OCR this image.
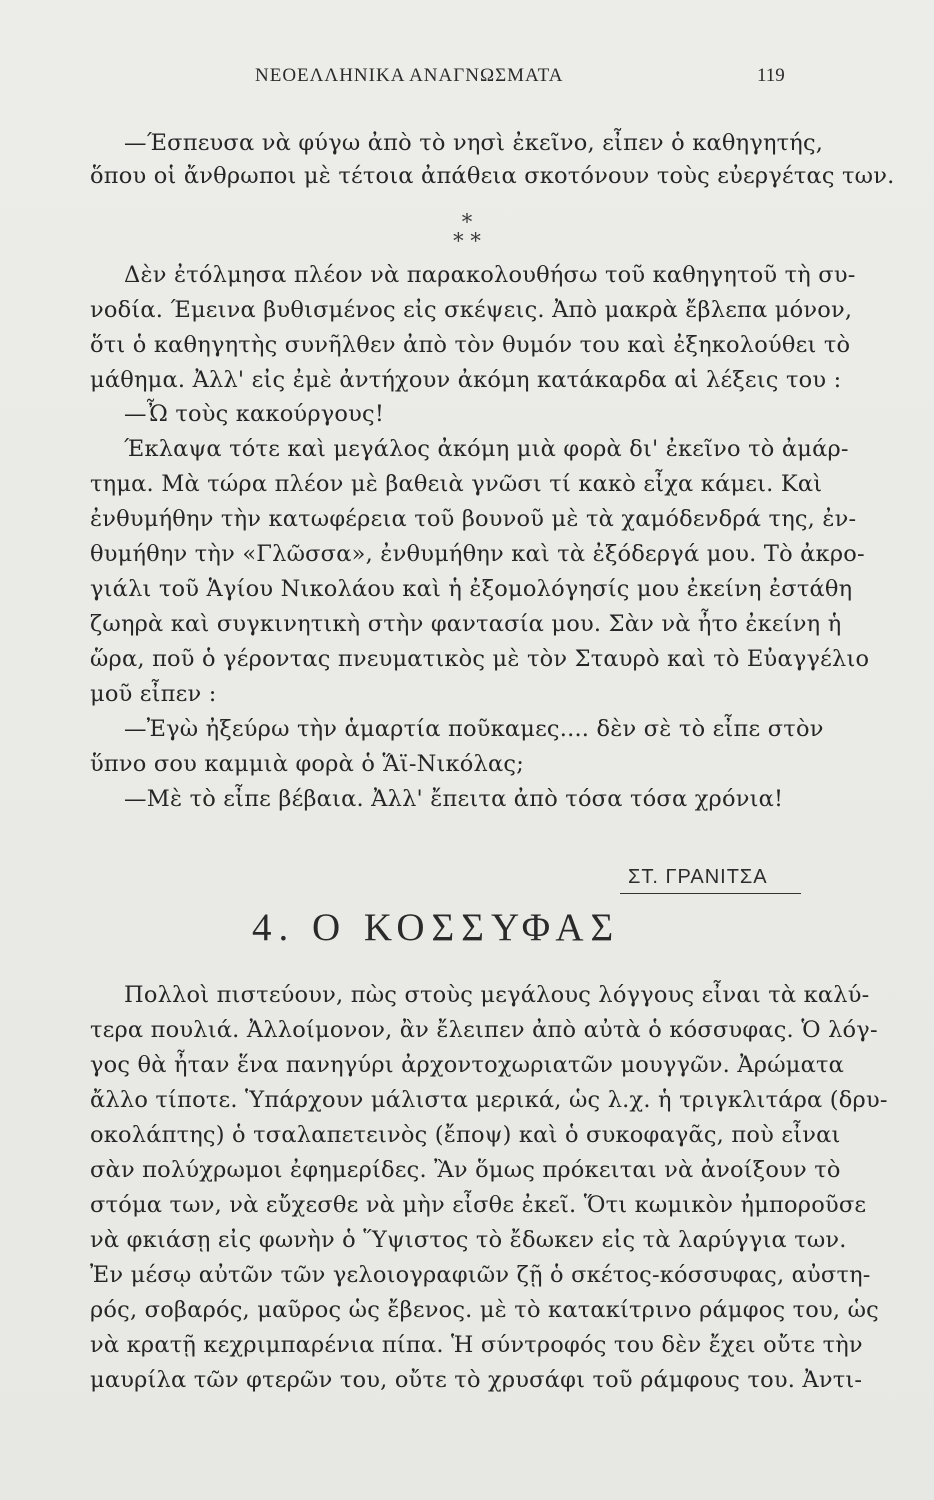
ΝΕΟΕΛΛΗΝΙΚΑ ΑΝΑΓΝΩΣΜΑΤΑ	119
—Έσπευσα νὰ φύγω ἀπὸ τὸ νησὶ ἐκεῖνο, εἶπεν ὁ καθηγητής,
ὅπου οἱ ἄνθρωποι μὲ τέτοια ἀπάθεια σκοτόνουν τοὺς εὐεργέτας των.
*
* *
Δὲν ἐτόλμησα πλέον νὰ παρακολουθήσω τοῦ καθηγητοῦ τὴ συ-
νοδία. Έμεινα βυθισμένος εἰς σκέψεις. Ἀπὸ μακρὰ ἔβλεπα μόνον,
ὅτι ὁ καθηγητὴς συνῆλθεν ἀπὸ τὸν θυμόν του καὶ ἐξηκολούθει τὸ
μάθημα. Ἀλλ' εἰς ἐμὲ ἀντήχουν ἀκόμη κατάκαρδα αἱ λέξεις του :
—Ὦ τοὺς κακούργους!
Έκλαψα τότε καὶ μεγάλος ἀκόμη μιὰ φορὰ δι' ἐκεῖνο τὸ ἀμάρ-
τημα. Μὰ τώρα πλέον μὲ βαθειὰ γνῶσι τί κακὸ εἶχα κάμει. Καὶ
ἐνθυμήθην τὴν κατωφέρεια τοῦ βουνοῦ μὲ τὰ χαμόδενδρά της, ἐν-
θυμήθην τὴν «Γλῶσσα», ἐνθυμήθην καὶ τὰ ἐξόδεργά μου. Τὸ ἀκρο-
γιάλι τοῦ Ἁγίου Νικολάου καὶ ἡ ἐξομολόγησίς μου ἐκείνη ἐστάθη
ζωηρὰ καὶ συγκινητικὴ στὴν φαντασία μου. Σὰν νὰ ἦτο ἐκείνη ἡ
ὥρα, ποῦ ὁ γέροντας πνευματικὸς μὲ τὸν Σταυρὸ καὶ τὸ Εὐαγγέλιο
μοῦ εἶπεν :
—Ἐγὼ ἠξεύρω τὴν ἁμαρτία ποῦκαμες.... δὲν σὲ τὸ εἶπε στὸν
ὕπνο σου καμμιὰ φορὰ ὁ Ἅϊ-Νικόλας;
—Μὲ τὸ εἶπε βέβαια. Ἀλλ' ἔπειτα ἀπὸ τόσα τόσα χρόνια!
ΣΤ. ΓΡΑΝΙΤΣΑ
4. Ο ΚΟΣΣΥΦΑΣ
Πολλοὶ πιστεύουν, πὼς στοὺς μεγάλους λόγγους εἶναι τὰ καλύ-
τερα πουλιά. Ἀλλοίμονον, ἂν ἔλειπεν ἀπὸ αὐτὰ ὁ κόσσυφας. Ὁ λόγ-
γος θὰ ἦταν ἕνα πανηγύρι ἀρχοντοχωριατῶν μουγγῶν. Ἀρώματα
ἄλλο τίποτε. Ὑπάρχουν μάλιστα μερικά, ὡς λ.χ. ἡ τριγκλιτάρα (δρυ-
οκολάπτης) ὁ τσαλαπετεινὸς (ἔποψ) καὶ ὁ συκοφαγᾶς, ποὺ εἶναι
σὰν πολύχρωμοι ἐφημερίδες. Ἂν ὅμως πρόκειται νὰ ἀνοίξουν τὸ
στόμα των, νὰ εὔχεσθε νὰ μὴν εἶσθε ἐκεῖ. Ὅτι κωμικὸν ἠμποροῦσε
νὰ φκιάσῃ εἰς φωνὴν ὁ Ὕψιστος τὸ ἔδωκεν εἰς τὰ λαρύγγια των.
Ἐν μέσῳ αὐτῶν τῶν γελοιογραφιῶν ζῇ ὁ σκέτος-κόσσυφας, αὐστη-
ρός, σοβαρός, μαῦρος ὡς ἔβενος. μὲ τὸ κατακίτρινο ράμφος του, ὡς
νὰ κρατῇ κεχριμπαρένια πίπα. Ἡ σύντροφός του δὲν ἔχει οὔτε τὴν
μαυρίλα τῶν φτερῶν του, οὔτε τὸ χρυσάφι τοῦ ράμφους του. Ἀντι-
